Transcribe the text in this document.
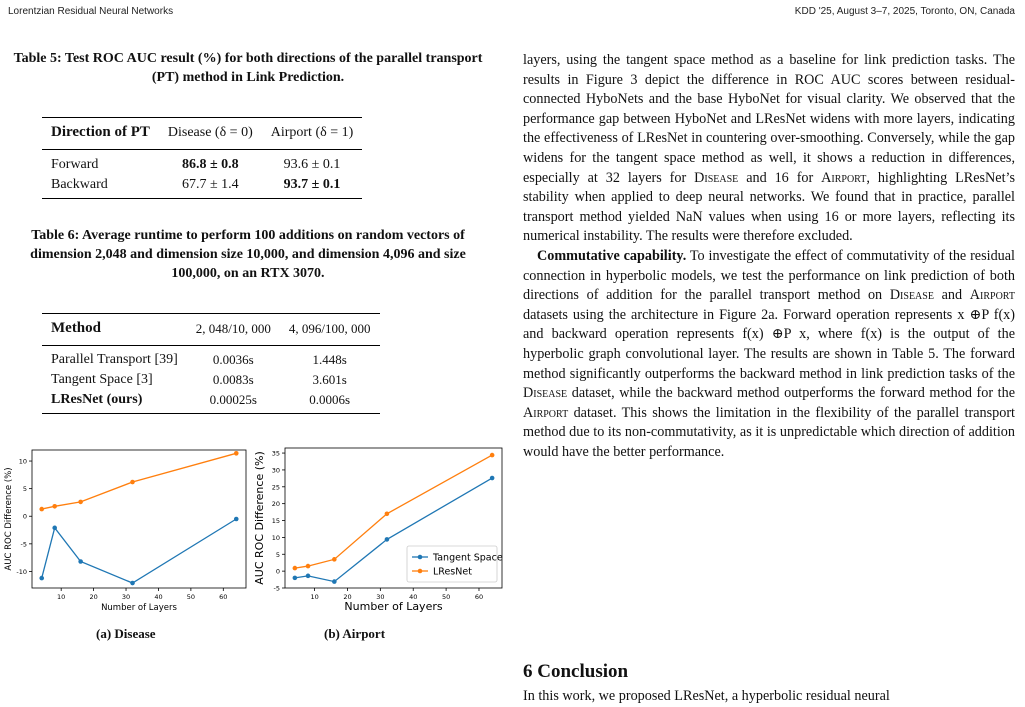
Lorentzian Residual Neural Networks	KDD '25, August 3–7, 2025, Toronto, ON, Canada
Table 5: Test ROC AUC result (%) for both directions of the parallel transport (PT) method in Link Prediction.
Direction of PT	Disease (δ = 0)	Airport (δ = 1)
Forward	86.8 ± 0.8	93.6 ± 0.1
Backward	67.7 ± 1.4	93.7 ± 0.1
Table 6: Average runtime to perform 100 additions on random vectors of dimension 2,048 and dimension size 10,000, and dimension 4,096 and size 100,000, on an RTX 3070.
Method	2, 048/10, 000	4, 096/100, 000
Parallel Transport [39]	0.0036s	1.448s
Tangent Space [3]	0.0083s	3.601s
LResNet (ours)	0.00025s	0.0006s
10	20	30	40	50	60
-10
-5
0
5
10
Number of Layers
AUC ROC Difference (%)
10	20	30	40	50	60
-5
0
5
10
15
20
25
30
35
Number of Layers
AUC ROC Difference (%)	Tangent Space
LResNet
(a) Disease	(b) Airport

layers, using the tangent space method as a baseline for link prediction tasks. The results in Figure 3 depict the difference in ROC AUC scores between residual-connected HyboNets and the base HyboNet for visual clarity. We observed that the performance gap between HyboNet and LResNet widens with more layers, indicating the effectiveness of LResNet in countering over-smoothing. Conversely, while the gap widens for the tangent space method as well, it shows a reduction in differences, especially at 32 layers for Disease and 16 for Airport, highlighting LResNet’s stability when applied to deep neural networks. We found that in practice, parallel transport method yielded NaN values when using 16 or more layers, reflecting its numerical instability. The results were therefore excluded.

Commutative capability. To investigate the effect of commutativity of the residual connection in hyperbolic models, we test the performance on link prediction of both directions of addition for the parallel transport method on Disease and Airport datasets using the architecture in Figure 2a. Forward operation represents x ⊕P f(x) and backward operation represents f(x) ⊕P x, where f(x) is the output of the hyperbolic graph convolutional layer. The results are shown in Table 5. The forward method significantly outperforms the backward method in link prediction tasks of the Disease dataset, while the backward method outperforms the forward method for the Airport dataset. This shows the limitation in the flexibility of the parallel transport method due to its non-commutativity, as it is unpredictable which direction of addition would have the better performance.

6 Conclusion
In this work, we proposed LResNet, a hyperbolic residual neural
